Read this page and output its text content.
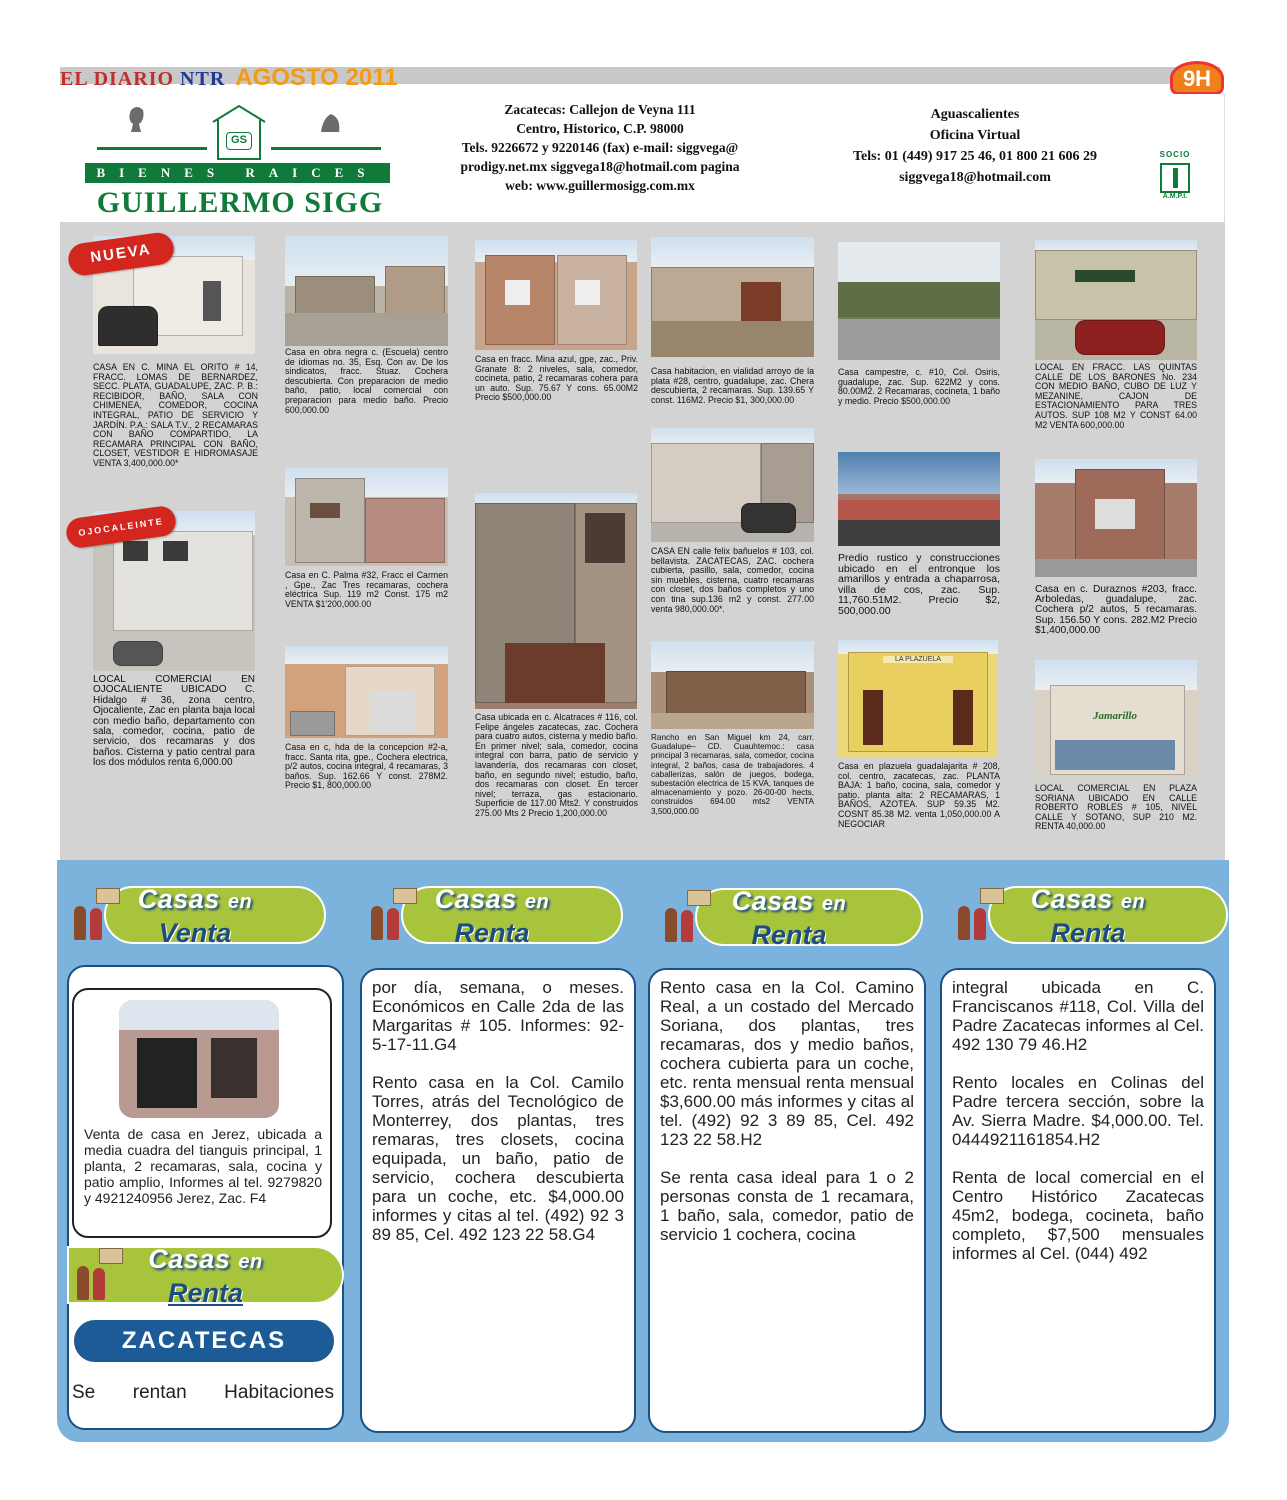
EL DIARIO NTR AGOSTO 2011	9H
GS
BIENES RAICES
GUILLERMO SIGG
Zacatecas: Callejon de Veyna 111
Centro, Historico, C.P. 98000
Tels. 9226672 y 9220146 (fax) e-mail: siggvega@
prodigy.net.mx siggvega18@hotmail.com pagina
web: www.guillermosigg.com.mx
Aguascalientes
Oficina Virtual
Tels: 01 (449) 917 25 46, 01 800 21 606 29
siggvega18@hotmail.com
SOCIO
A.M.P.I.
NUEVA
CASA EN C. MINA EL ORITO # 14, FRACC. LOMAS DE BERNARDEZ, SECC. PLATA, GUADALUPE, ZAC. P. B.: RECIBIDOR, BAÑO, SALA CON CHIMENEA, COMEDOR, COCINA INTEGRAL, PATIO DE SERVICIO Y JARDÍN. P.A.: SALA T.V., 2 RECAMARAS CON BAÑO COMPARTIDO, LA RECAMARA PRINCIPAL CON BAÑO, CLOSET, VESTIDOR E HIDROMASAJE VENTA 3,400,000.00*
OJOCALEINTE
LOCAL COMERCIAl EN OJOCALIENTE UBICADO C. Hidalgo # 36, zona centro, Ojocaliente, Zac en planta baja local con medio baño, departamento con sala, comedor, cocina, patio de servicio, dos recamaras y dos baños. Cisterna y patio central para los dos módulos renta 6,000.00
Casa en obra negra c. (Escuela) centro de idiomas no. 35, Esq. Con av. De los sindicatos, fracc. Stuaz. Cochera descubierta. Con preparacion de medio baño, patio, local comercial con preparacion para medio baño. Precio 600,000.00
Casa en C. Palma #32, Fracc el Carmen , Gpe., Zac Tres recamaras, cochera eléctrica Sup. 119 m2 Const. 175 m2 VENTA $1'200,000.00
Casa en c, hda de la concepcion #2-a, fracc. Santa rita, gpe., Cochera electrica, p/2 autos, cocina integral, 4 recamaras, 3 baños. Sup. 162.66 Y const. 278M2. Precio $1, 800,000.00
Casa en fracc. Mina azul, gpe, zac., Priv. Granate 8: 2 niveles, sala, comedor, cocineta, patio, 2 recamaras cohera para un auto. Sup. 75.67 Y cons. 65.00M2 Precio $500,000.00
Casa ubicada en c. Alcatraces # 116, col. Felipe ángeles zacatecas, zac. Cochera para cuatro autos, cisterna y medio baño. En primer nivel; sala, comedor, cocina integral con barra, patio de servicio y lavandería, dos recamaras con closet, baño, en segundo nivel; estudio, baño, dos recamaras con closet. En tercer nivel; terraza, gas estacionario. Superficie de 117.00 Mts2. Y construidos 275.00 Mts 2 Precio 1,200,000.00
Casa habitacion, en vialidad arroyo de la plata #28, centro, guadalupe, zac. Chera descubierta, 2 recamaras. Sup. 139.65 Y const. 116M2. Precio $1, 300,000.00
CASA EN calle felix bañuelos # 103, col. bellavista. ZACATECAS, ZAC. cochera cubierta, pasillo, sala, comedor, cocina sin muebles, cisterna, cuatro recamaras con closet, dos baños completos y uno con tina sup.136 m2 y const. 277.00 venta 980,000.00*.
Rancho en San Miguel km 24, carr. Guadalupe– CD. Cuauhtemoc.: casa principal 3 recamaras, sala, comedor, cocina integral, 2 baños, casa de trabajadores. 4 caballerizas, salón de juegos, bodega, subestación electrica de 15 KVA, tanques de almacenamiento y pozo. 26-00-00 hects, construidos 694.00 mts2 VENTA 3,500,000.00
Casa campestre, c. #10, Col. Osiris, guadalupe, zac. Sup. 622M2 y cons. 80.00M2. 2 Recamaras, cocineta, 1 baño y medio. Precio $500,000.00
Predio rustico y construcciones ubicado en el entronque los amarillos y entrada a chaparrosa, villa de cos, zac. Sup. 11,760.51M2. Precio $2, 500,000.00
LA PLAZUELA
Casa en plazuela guadalajarita # 208, col. centro, zacatecas, zac. PLANTA BAJA: 1 baño, cocina, sala, comedor y patio. planta alta: 2 RECAMARAS, 1 BAÑOS, AZOTEA. SUP 59.35 M2. COSNT 85.38 M2. venta 1,050,000.00 A NEGOCIAR
LOCAL EN FRACC. LAS QUINTAS CALLE DE LOS BARONES No. 234 CON MEDIO BAÑO, CUBO DE LUZ Y MEZANINE, CAJON DE ESTACIONAMIENTO PARA TRES AUTOS. SUP 108 M2 Y CONST 64.00 M2 VENTA 600,000.00
Casa en c. Duraznos #203, fracc. Arboledas, guadalupe, zac. Cochera p/2 autos, 5 recamaras. Sup. 156.50 Y cons. 282.M2 Precio $1,400,000.00
Jamarillo
LOCAL COMERCIAL EN PLAZA SORIANA UBICADO EN CALLE ROBERTO ROBLES # 105, NIVEL CALLE Y SOTANO, SUP 210 M2. RENTA 40,000.00
Casas en
Venta
Casas en
Renta
Casas en
Renta
Casas en
Renta
Venta de casa en Jerez, ubicada a media cuadra del tianguis principal, 1 planta, 2 recamaras, sala, cocina y patio amplio, Informes al tel. 9279820 y 4921240956 Jerez, Zac. F4
Casas en
Renta
ZACATECAS
Se rentan Habitaciones

por día, semana, o meses. Económicos en Calle 2da de las Margaritas # 105. Informes: 92-5-17-11.G4

Rento casa en la Col. Camilo Torres, atrás del Tecnológico de Monterrey, dos plantas, tres remaras, tres closets, cocina equipada, un baño, patio de servicio, cochera descubierta para un coche, etc. $4,000.00 informes y citas al tel. (492) 92 3 89 85, Cel. 492 123 22 58.G4

Rento casa en la Col. Camino Real, a un costado del Mercado Soriana, dos plantas, tres recamaras, dos y medio baños, cochera cubierta para un coche, etc. renta mensual renta mensual $3,600.00 más informes y citas al tel. (492) 92 3 89 85, Cel. 492 123 22 58.H2

Se renta casa ideal para 1 o 2 personas consta de 1 recamara, 1 baño, sala, comedor, patio de servicio 1 cochera, cocina

integral ubicada en C. Franciscanos #118, Col. Villa del Padre Zacatecas informes al Cel. 492 130 79 46.H2

Rento locales en Colinas del Padre tercera sección, sobre la Av. Sierra Madre. $4,000.00. Tel. 0444921161854.H2

Renta de local comercial en el Centro Histórico Zacatecas 45m2, bodega, cocineta, baño completo, $7,500 mensuales informes al Cel. (044) 492
